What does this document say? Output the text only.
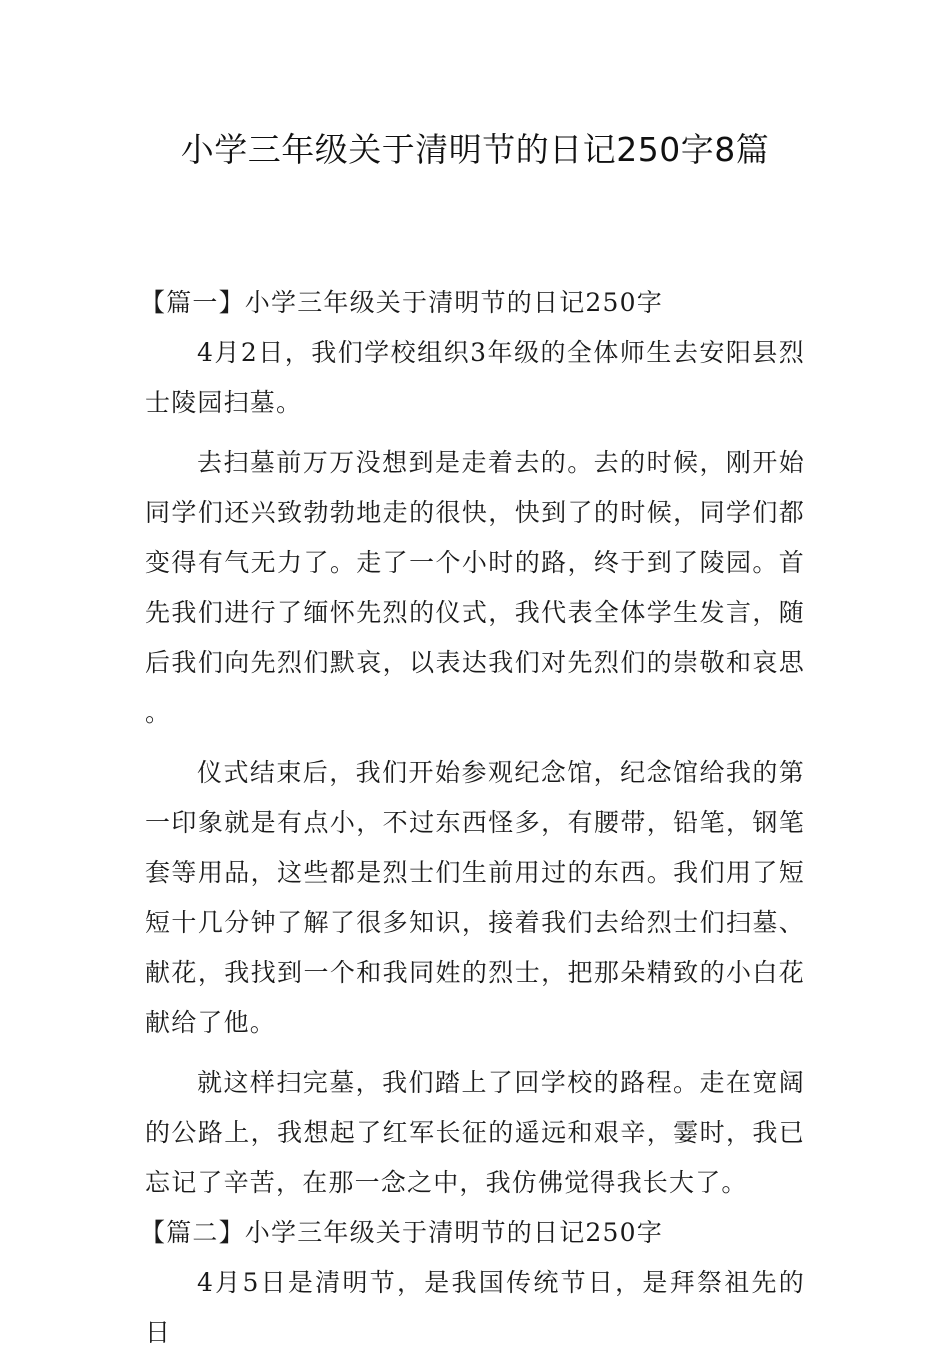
小学三年级关于清明节的日记250字8篇
【篇一】小学三年级关于清明节的日记250字

4月2日，我们学校组织3年级的全体师生去安阳县烈士陵园扫墓。

去扫墓前万万没想到是走着去的。去的时候，刚开始同学们还兴致勃勃地走的很快，快到了的时候，同学们都变得有气无力了。走了一个小时的路，终于到了陵园。首先我们进行了缅怀先烈的仪式，我代表全体学生发言，随后我们向先烈们默哀，以表达我们对先烈们的崇敬和哀思。

仪式结束后，我们开始参观纪念馆，纪念馆给我的第一印象就是有点小，不过东西怪多，有腰带，铅笔，钢笔套等用品，这些都是烈士们生前用过的东西。我们用了短短十几分钟了解了很多知识，接着我们去给烈士们扫墓、献花，我找到一个和我同姓的烈士，把那朵精致的小白花献给了他。

就这样扫完墓，我们踏上了回学校的路程。走在宽阔的公路上，我想起了红军长征的遥远和艰辛，霎时，我已忘记了辛苦，在那一念之中，我仿佛觉得我长大了。

【篇二】小学三年级关于清明节的日记250字

4月5日是清明节，是我国传统节日，是拜祭祖先的日
